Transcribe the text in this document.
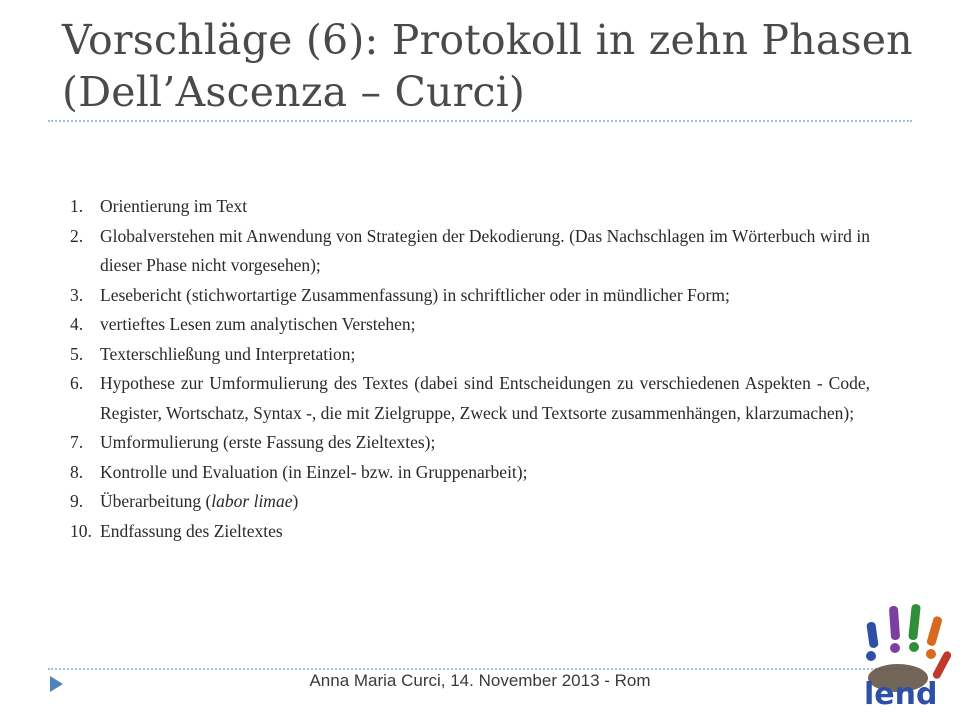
Vorschläge (6): Protokoll in zehn Phasen
(Dell’Ascenza – Curci)
1. Orientierung im Text
2. Globalverstehen mit Anwendung von Strategien der Dekodierung. (Das Nachschlagen im Wörterbuch wird in dieser Phase nicht vorgesehen);
3. Lesebericht (stichwortartige Zusammenfassung) in schriftlicher oder in mündlicher Form;
4. vertieftes Lesen zum analytischen Verstehen;
5. Texterschließung und Interpretation;
6. Hypothese zur Umformulierung des Textes (dabei sind Entscheidungen zu verschiedenen Aspekten - Code, Register, Wortschatz, Syntax -, die mit Zielgruppe, Zweck und Textsorte zusammenhängen, klarzumachen);
7. Umformulierung (erste Fassung des Zieltextes);
8. Kontrolle und Evaluation (in Einzel- bzw. in Gruppenarbeit);
9. Überarbeitung (labor limae)
10. Endfassung des Zieltextes
Anna Maria Curci, 14. November 2013 - Rom	lend
